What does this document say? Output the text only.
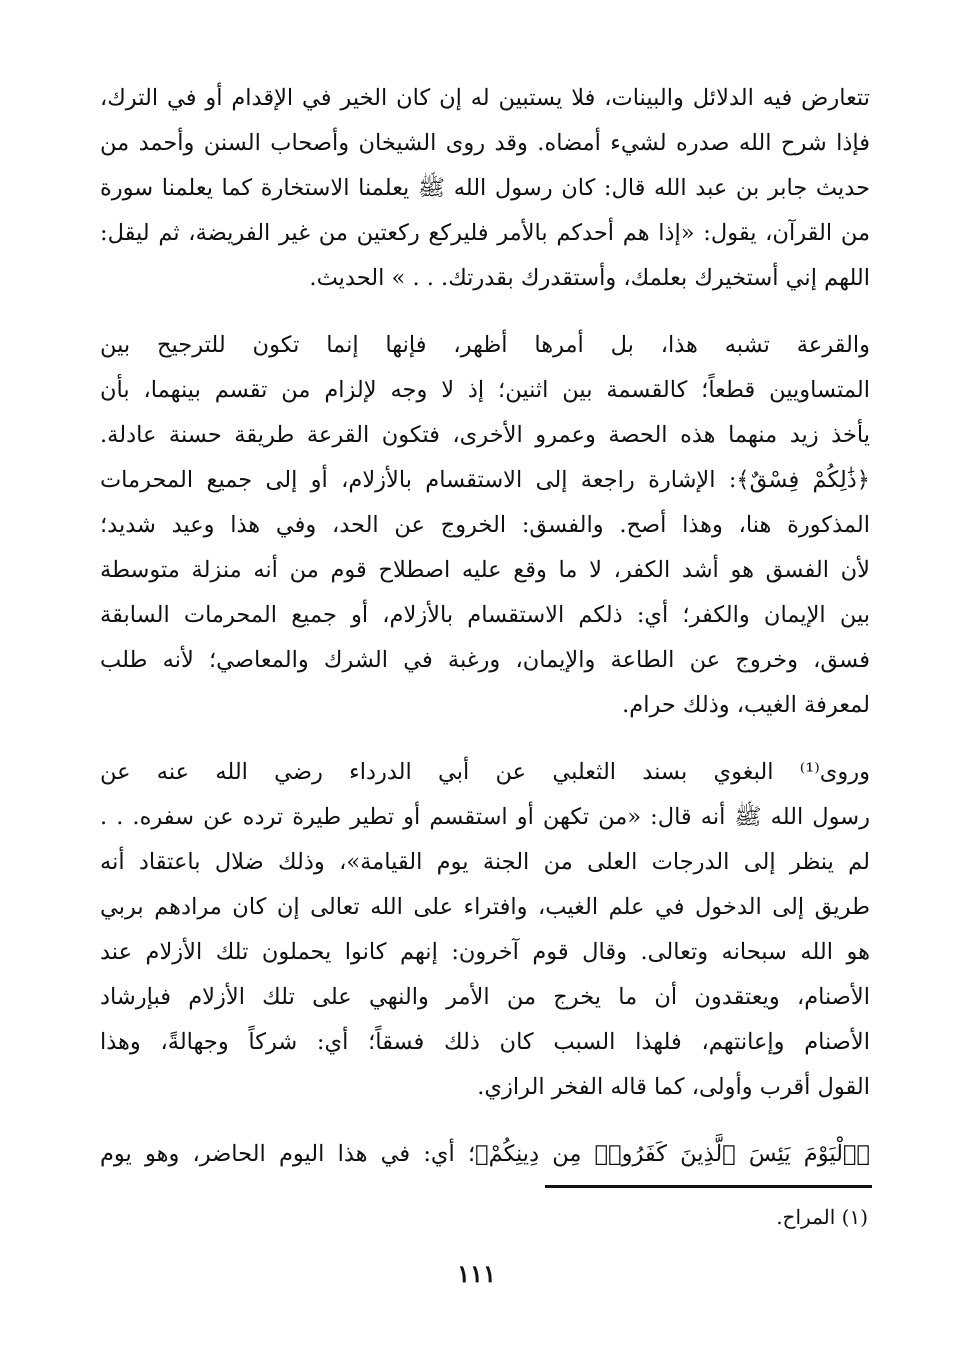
تتعارض فيه الدلائل والبينات، فلا يستبين له إن كان الخير في الإقدام أو في الترك،
فإذا شرح الله صدره لشيء أمضاه. وقد روى الشيخان وأصحاب السنن وأحمد من
حديث جابر بن عبد الله قال: كان رسول الله ﷺ يعلمنا الاستخارة كما يعلمنا سورة
من القرآن، يقول: «إذا هم أحدكم بالأمر فليركع ركعتين من غير الفريضة، ثم ليقل:
اللهم إني أستخيرك بعلمك، وأستقدرك بقدرتك. . . » الحديث.
والقرعة تشبه هذا، بل أمرها أظهر، فإنها إنما تكون للترجيح بين
المتساويين قطعاً؛ كالقسمة بين اثنين؛ إذ لا وجه لإلزام من تقسم بينهما، بأن
يأخذ زيد منهما هذه الحصة وعمرو الأخرى، فتكون القرعة طريقة حسنة عادلة.
﴿ذَٰلِكُمْ فِسْقٌ﴾: الإشارة راجعة إلى الاستقسام بالأزلام، أو إلى جميع المحرمات
المذكورة هنا، وهذا أصح. والفسق: الخروج عن الحد، وفي هذا وعيد شديد؛
لأن الفسق هو أشد الكفر، لا ما وقع عليه اصطلاح قوم من أنه منزلة متوسطة
بين الإيمان والكفر؛ أي: ذلكم الاستقسام بالأزلام، أو جميع المحرمات السابقة
فسق، وخروج عن الطاعة والإيمان، ورغبة في الشرك والمعاصي؛ لأنه طلب
لمعرفة الغيب، وذلك حرام.
وروى⁽¹⁾ البغوي بسند الثعلبي عن أبي الدرداء رضي الله عنه عن
رسول الله ﷺ أنه قال: «من تكهن أو استقسم أو تطير طيرة ترده عن سفره. . .
لم ينظر إلى الدرجات العلى من الجنة يوم القيامة»، وذلك ضلال باعتقاد أنه
طريق إلى الدخول في علم الغيب، وافتراء على الله تعالى إن كان مرادهم بربي
هو الله سبحانه وتعالى. وقال قوم آخرون: إنهم كانوا يحملون تلك الأزلام عند
الأصنام، ويعتقدون أن ما يخرج من الأمر والنهي على تلك الأزلام فبإرشاد
الأصنام وإعانتهم، فلهذا السبب كان ذلك فسقاً؛ أي: شركاً وجهالةً، وهذا
القول أقرب وأولى، كما قاله الفخر الرازي.
﴿ٱلْيَوْمَ يَئِسَ ٱلَّذِينَ كَفَرُوا۟ مِن دِينِكُمْ﴾؛ أي: في هذا اليوم الحاضر، وهو يوم
(١) المراح.
١١١
